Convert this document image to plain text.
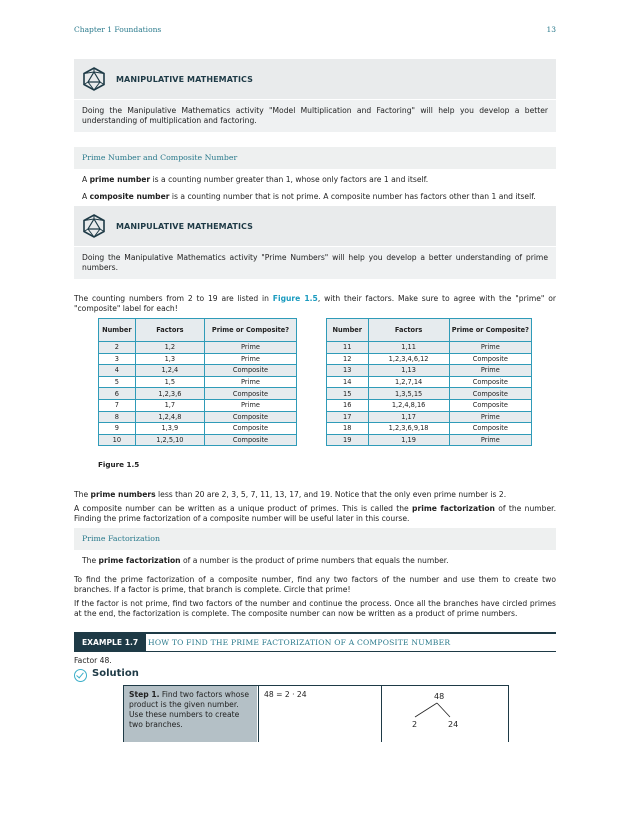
Chapter 1 Foundations	13
MANIPULATIVE MATHEMATICS
Doing the Manipulative Mathematics activity "Model Multiplication and Factoring" will help you develop a better understanding of multiplication and factoring.
Prime Number and Composite Number

A prime number is a counting number greater than 1, whose only factors are 1 and itself.

A composite number is a counting number that is not prime. A composite number has factors other than 1 and itself.

MANIPULATIVE MATHEMATICS
Doing the Manipulative Mathematics activity "Prime Numbers" will help you develop a better understanding of prime numbers.

The counting numbers from 2 to 19 are listed in Figure 1.5, with their factors. Make sure to agree with the "prime" or "composite" label for each!

Number	Factors	Prime or Composite?
2	1,2	Prime
3	1,3	Prime
4	1,2,4	Composite
5	1,5	Prime
6	1,2,3,6	Composite
7	1,7	Prime
8	1,2,4,8	Composite
9	1,3,9	Composite
10	1,2,5,10	Composite
Number	Factors	Prime or Composite?
11	1,11	Prime
12	1,2,3,4,6,12	Composite
13	1,13	Prime
14	1,2,7,14	Composite
15	1,3,5,15	Composite
16	1,2,4,8,16	Composite
17	1,17	Prime
18	1,2,3,6,9,18	Composite
19	1,19	Prime
Figure 1.5

The prime numbers less than 20 are 2, 3, 5, 7, 11, 13, 17, and 19. Notice that the only even prime number is 2.

A composite number can be written as a unique product of primes. This is called the prime factorization of the number. Finding the prime factorization of a composite number will be useful later in this course.

Prime Factorization

The prime factorization of a number is the product of prime numbers that equals the number.

To find the prime factorization of a composite number, find any two factors of the number and use them to create two branches. If a factor is prime, that branch is complete. Circle that prime!

If the factor is not prime, find two factors of the number and continue the process. Once all the branches have circled primes at the end, the factorization is complete. The composite number can now be written as a product of prime numbers.

EXAMPLE 1.7	HOW TO FIND THE PRIME FACTORIZATION OF A COMPOSITE NUMBER

Factor 48.

Solution
Step 1. Find two factors whose product is the given number. Use these numbers to create two branches.
48 = 2 · 24	48
2	24
